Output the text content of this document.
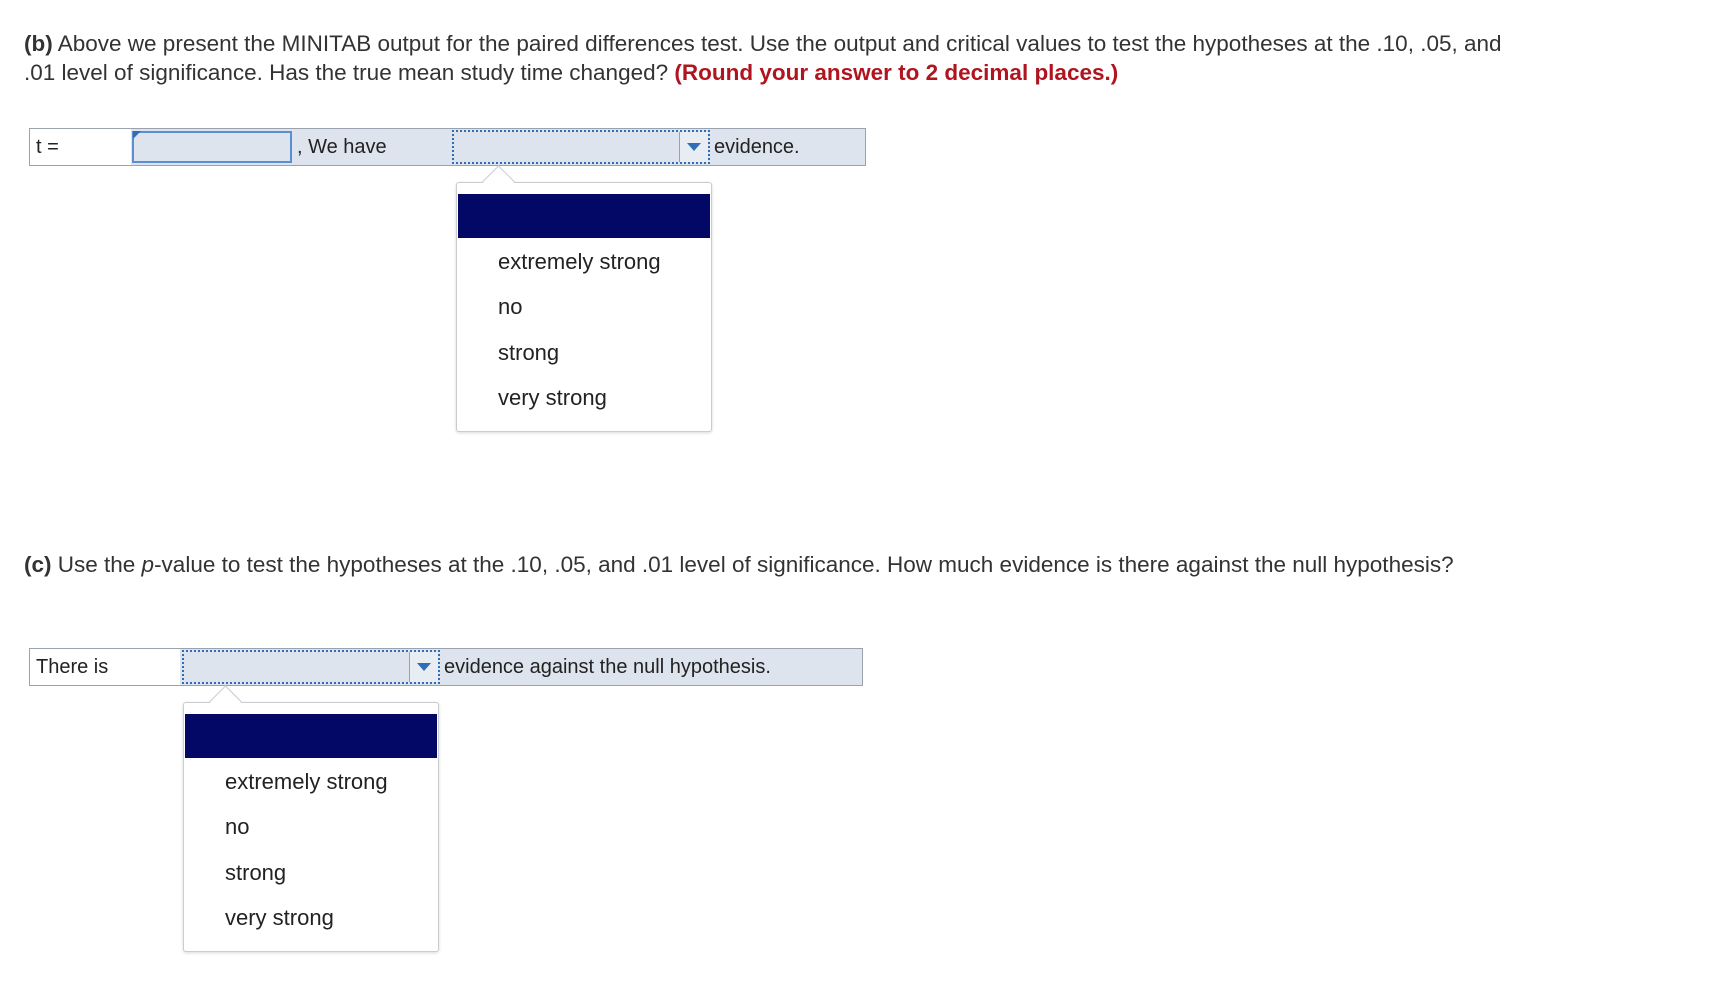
(b) Above we present the MINITAB output for the paired differences test. Use the output and critical values to test the hypotheses at the .10, .05, and .01 level of significance. Has the true mean study time changed? (Round your answer to 2 decimal places.)
t =	, We have	evidence.
extremely strong
no
strong
very strong
(c) Use the p-value to test the hypotheses at the .10, .05, and .01 level of significance. How much evidence is there against the null hypothesis?
There is	evidence against the null hypothesis.
extremely strong
no
strong
very strong
